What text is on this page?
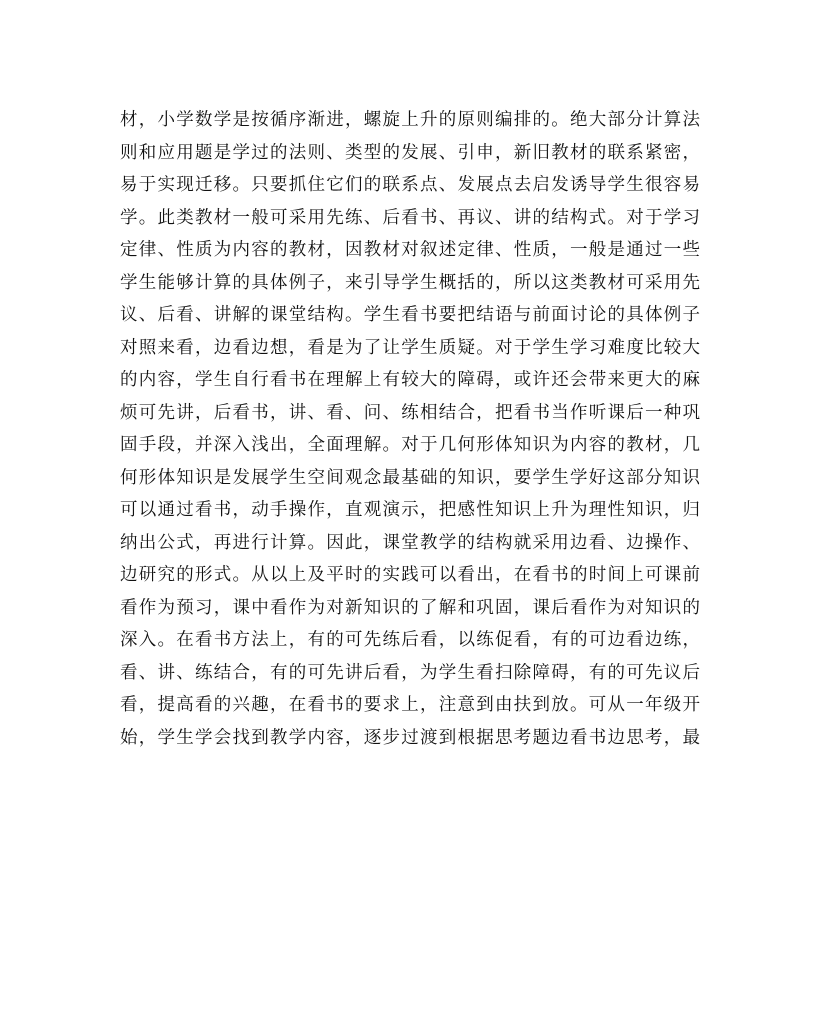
材，小学数学是按循序渐进，螺旋上升的原则编排的。绝大部分计算法
则和应用题是学过的法则、类型的发展、引申，新旧教材的联系紧密，
易于实现迁移。只要抓住它们的联系点、发展点去启发诱导学生很容易
学。此类教材一般可采用先练、后看书、再议、讲的结构式。对于学习
定律、性质为内容的教材，因教材对叙述定律、性质，一般是通过一些
学生能够计算的具体例子，来引导学生概括的，所以这类教材可采用先
议、后看、讲解的课堂结构。学生看书要把结语与前面讨论的具体例子
对照来看，边看边想，看是为了让学生质疑。对于学生学习难度比较大
的内容，学生自行看书在理解上有较大的障碍，或许还会带来更大的麻
烦可先讲，后看书，讲、看、问、练相结合，把看书当作听课后一种巩
固手段，并深入浅出，全面理解。对于几何形体知识为内容的教材，几
何形体知识是发展学生空间观念最基础的知识，要学生学好这部分知识
可以通过看书，动手操作，直观演示，把感性知识上升为理性知识，归
纳出公式，再进行计算。因此，课堂教学的结构就采用边看、边操作、
边研究的形式。从以上及平时的实践可以看出，在看书的时间上可课前
看作为预习，课中看作为对新知识的了解和巩固，课后看作为对知识的
深入。在看书方法上，有的可先练后看，以练促看，有的可边看边练，
看、讲、练结合，有的可先讲后看，为学生看扫除障碍，有的可先议后
看，提高看的兴趣，在看书的要求上，注意到由扶到放。可从一年级开
始，学生学会找到教学内容，逐步过渡到根据思考题边看书边思考，最
